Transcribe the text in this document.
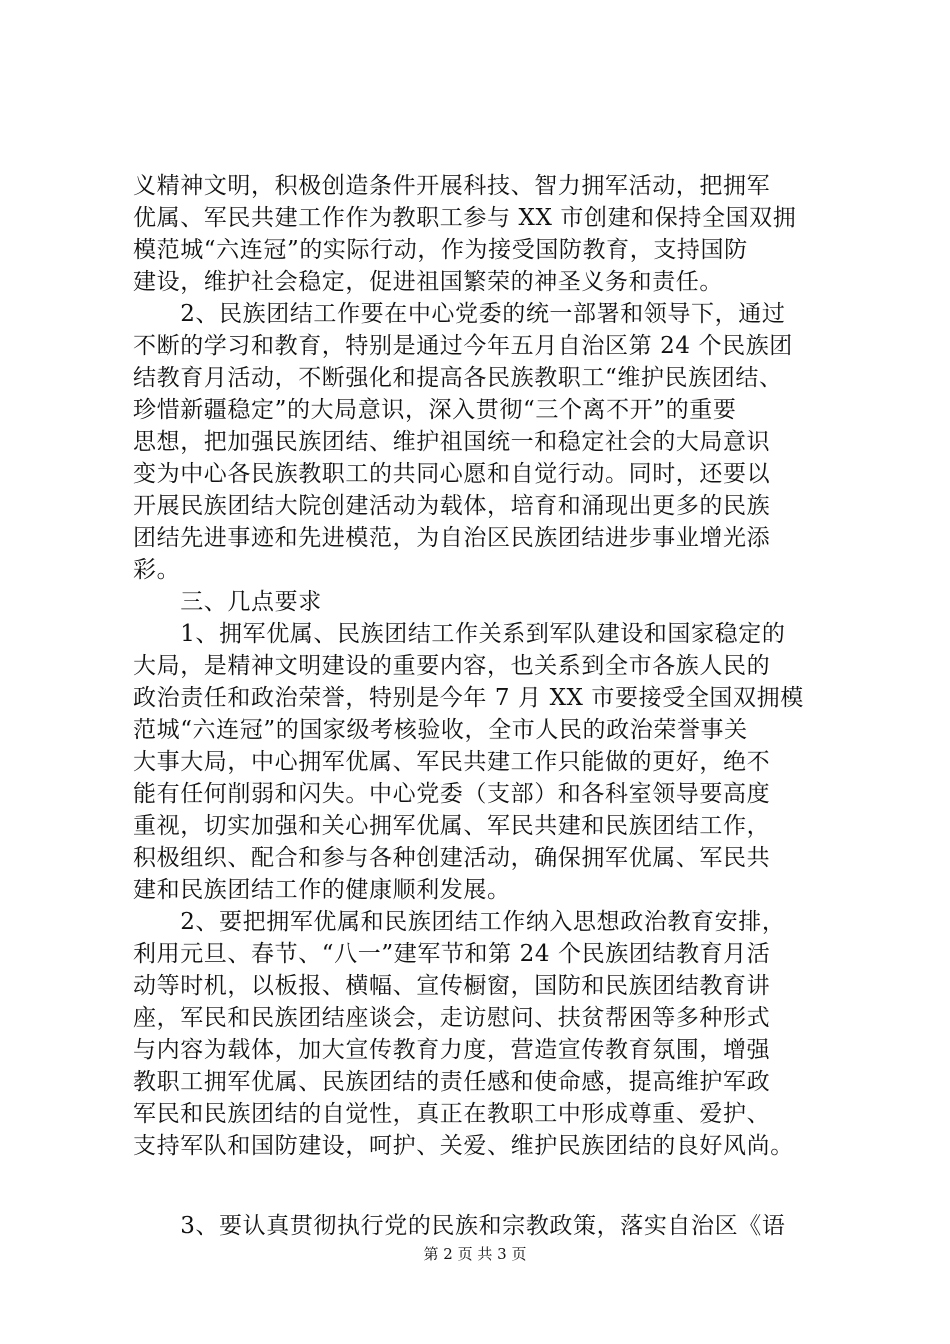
义精神文明，积极创造条件开展科技、智力拥军活动，把拥军
优属、军民共建工作作为教职工参与 XX 市创建和保持全国双拥
模范城“六连冠”的实际行动，作为接受国防教育，支持国防
建设，维护社会稳定，促进祖国繁荣的神圣义务和责任。
　　2、民族团结工作要在中心党委的统一部署和领导下，通过
不断的学习和教育，特别是通过今年五月自治区第 24 个民族团
结教育月活动，不断强化和提高各民族教职工“维护民族团结、
珍惜新疆稳定”的大局意识，深入贯彻“三个离不开”的重要
思想，把加强民族团结、维护祖国统一和稳定社会的大局意识
变为中心各民族教职工的共同心愿和自觉行动。同时，还要以
开展民族团结大院创建活动为载体，培育和涌现出更多的民族
团结先进事迹和先进模范，为自治区民族团结进步事业增光添
彩。
　　三、几点要求
　　1、拥军优属、民族团结工作关系到军队建设和国家稳定的
大局，是精神文明建设的重要内容，也关系到全市各族人民的
政治责任和政治荣誉，特别是今年 7 月 XX 市要接受全国双拥模
范城“六连冠”的国家级考核验收，全市人民的政治荣誉事关
大事大局，中心拥军优属、军民共建工作只能做的更好，绝不
能有任何削弱和闪失。中心党委（支部）和各科室领导要高度
重视，切实加强和关心拥军优属、军民共建和民族团结工作，
积极组织、配合和参与各种创建活动，确保拥军优属、军民共
建和民族团结工作的健康顺利发展。
　　2、要把拥军优属和民族团结工作纳入思想政治教育安排，
利用元旦、春节、“八一”建军节和第 24 个民族团结教育月活
动等时机，以板报、横幅、宣传橱窗，国防和民族团结教育讲
座，军民和民族团结座谈会，走访慰问、扶贫帮困等多种形式
与内容为载体，加大宣传教育力度，营造宣传教育氛围，增强
教职工拥军优属、民族团结的责任感和使命感，提高维护军政
军民和民族团结的自觉性，真正在教职工中形成尊重、爱护、
支持军队和国防建设，呵护、关爱、维护民族团结的良好风尚。
　　3、要认真贯彻执行党的民族和宗教政策，落实自治区《语
第 2 页 共 3 页
